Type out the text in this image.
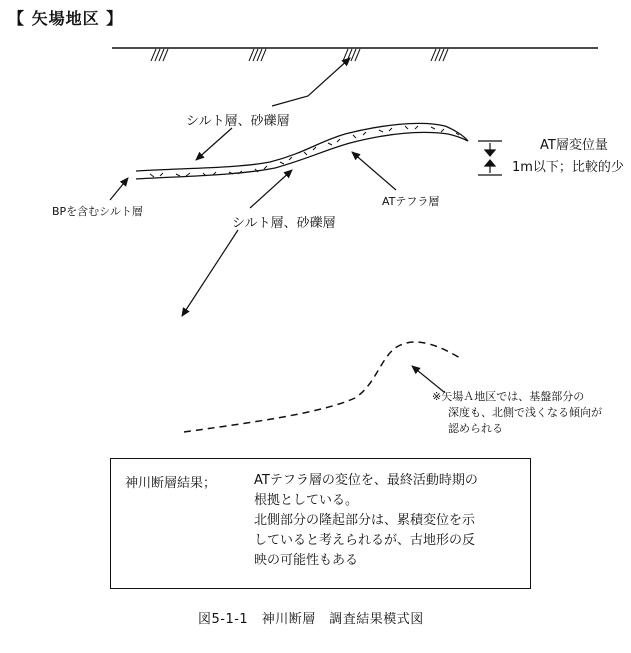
【 矢場地区 】
シルト層、砂礫層
シルト層、砂礫層
BPを含むシルト層
ATテフラ層
AT層変位量
1m以下；比較的少
※矢場Ａ地区では、基盤部分の
深度も、北側で浅くなる傾向が
認められる
神川断層結果；	ATテフラ層の変位を、最終活動時期の
根拠としている。
北側部分の隆起部分は、累積変位を示
していると考えられるが、古地形の反
映の可能性もある
図5-1-1　神川断層　調査結果模式図
